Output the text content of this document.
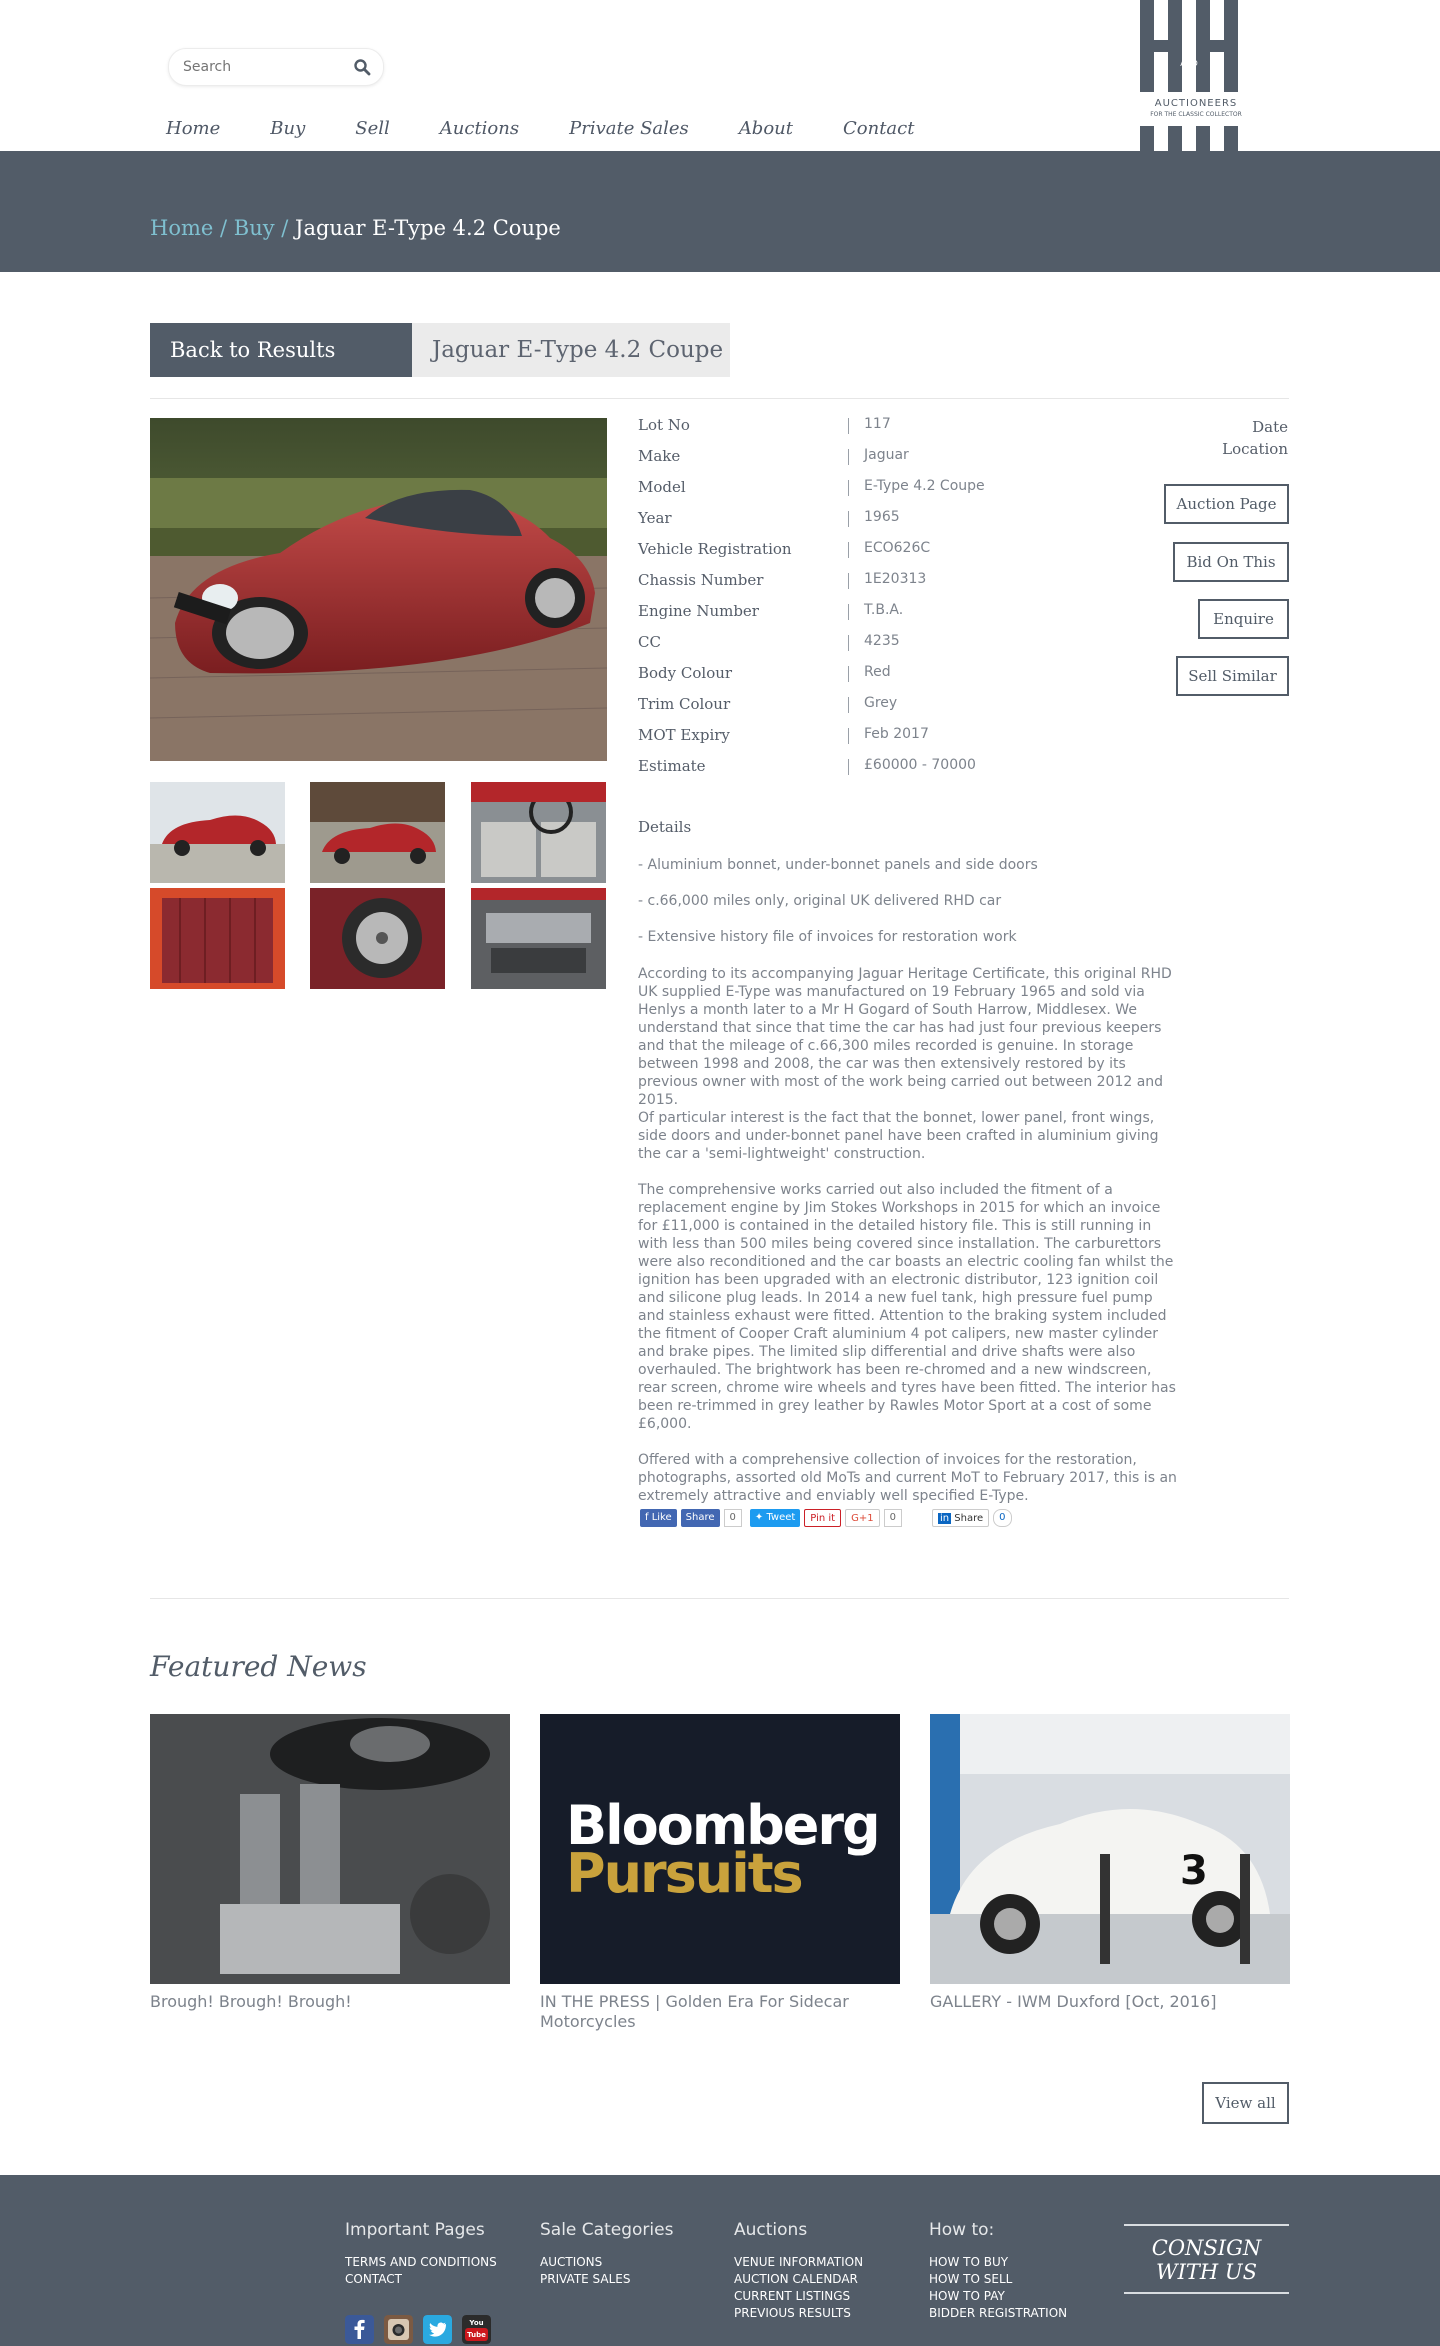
Search
Home	Buy	Sell	Auctions	Private Sales	About	Contact
AND
AUCTIONEERS
FOR THE CLASSIC COLLECTOR
Home / Buy / Jaguar E-Type 4.2 Coupe
Back to Results	Jaguar E-Type 4.2 Coupe
Lot No	117
Make	Jaguar
Model	E-Type 4.2 Coupe
Year	1965
Vehicle Registration	ECO626C
Chassis Number	1E20313
Engine Number	T.B.A.
CC	4235
Body Colour	Red
Trim Colour	Grey
MOT Expiry	Feb 2017
Estimate	£60000 - 70000
Date
Location
Auction Page
Bid On This
Enquire
Sell Similar
Details
- Aluminium bonnet, under-bonnet panels and side doors
- c.66,000 miles only, original UK delivered RHD car
- Extensive history file of invoices for restoration work
According to its accompanying Jaguar Heritage Certificate, this original RHD UK supplied E-Type was manufactured on 19 February 1965 and sold via Henlys a month later to a Mr H Gogard of South Harrow, Middlesex. We understand that since that time the car has had just four previous keepers and that the mileage of c.66,300 miles recorded is genuine. In storage between 1998 and 2008, the car was then extensively restored by its previous owner with most of the work being carried out between 2012 and 2015.
Of particular interest is the fact that the bonnet, lower panel, front wings, side doors and under-bonnet panel have been crafted in aluminium giving the car a 'semi-lightweight' construction.
The comprehensive works carried out also included the fitment of a replacement engine by Jim Stokes Workshops in 2015 for which an invoice for £11,000 is contained in the detailed history file. This is still running in with less than 500 miles being covered since installation. The carburettors were also reconditioned and the car boasts an electric cooling fan whilst the ignition has been upgraded with an electronic distributor, 123 ignition coil and silicone plug leads. In 2014 a new fuel tank, high pressure fuel pump and stainless exhaust were fitted. Attention to the braking system included the fitment of Cooper Craft aluminium 4 pot calipers, new master cylinder and brake pipes. The limited slip differential and drive shafts were also overhauled. The brightwork has been re-chromed and a new windscreen, rear screen, chrome wire wheels and tyres have been fitted. The interior has been re-trimmed in grey leather by Rawles Motor Sport at a cost of some £6,000.
Offered with a comprehensive collection of invoices for the restoration, photographs, assorted old MoTs and current MoT to February 2017, this is an extremely attractive and enviably well specified E-Type.
f Like	Share	0	✦ Tweet	Pin it	G+1	0	in Share	0
Featured News
Brough! Brough! Brough!
Bloomberg
Pursuits
IN THE PRESS | Golden Era For Sidecar Motorcycles
3
GALLERY - IWM Duxford [Oct, 2016]
View all
Important Pages
TERMS AND CONDITIONS
CONTACT
Sale Categories
AUCTIONS
PRIVATE SALES
Auctions
VENUE INFORMATION
AUCTION CALENDAR
CURRENT LISTINGS
PREVIOUS RESULTS
How to:
HOW TO BUY
HOW TO SELL
HOW TO PAY
BIDDER REGISTRATION
CONSIGN
WITH US
You
Tube
